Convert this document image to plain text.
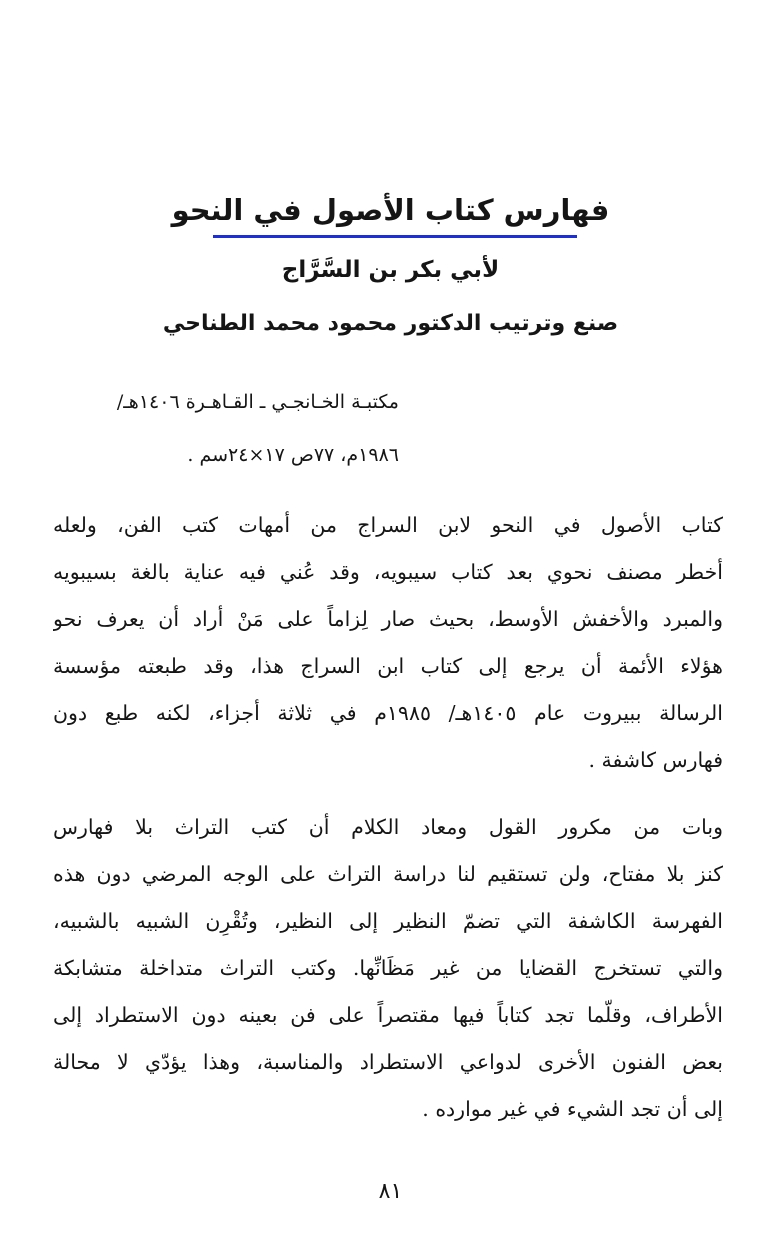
فهارس كتاب الأصول في النحو
لأبي بكر بن السَّرَّاج
صنع وترتيب الدكتور محمود محمد الطناحي
مكتبـة الخـانجـي ـ القـاهـرة ١٤٠٦هـ/
١٩٨٦م، ٧٧ص ١٧×٢٤سم .
كتاب الأصول في النحو لابن السراج من أمهات كتب الفن، ولعله
أخطر مصنف نحوي بعد كتاب سيبويه، وقد عُني فيه عناية بالغة بسيبويه
والمبرد والأخفش الأوسط، بحيث صار لِزاماً على مَنْ أراد أن يعرف نحو
هؤلاء الأئمة أن يرجع إلى كتاب ابن السراج هذا، وقد طبعته مؤسسة
الرسالة ببيروت عام ١٤٠٥هـ/ ١٩٨٥م في ثلاثة أجزاء، لكنه طبع دون
فهارس كاشفة .
وبات من مكرور القول ومعاد الكلام أن كتب التراث بلا فهارس
كنز بلا مفتاح، ولن تستقيم لنا دراسة التراث على الوجه المرضي دون هذه
الفهرسة الكاشفة التي تضمّ النظير إلى النظير، وتُقْرِن الشبيه بالشبيه،
والتي تستخرج القضايا من غير مَظَانِّها. وكتب التراث متداخلة متشابكة
الأطراف، وقلّما تجد كتاباً فيها مقتصراً على فن بعينه دون الاستطراد إلى
بعض الفنون الأخرى لدواعي الاستطراد والمناسبة، وهذا يؤدّي لا محالة
إلى أن تجد الشيء في غير موارده .
٨١
